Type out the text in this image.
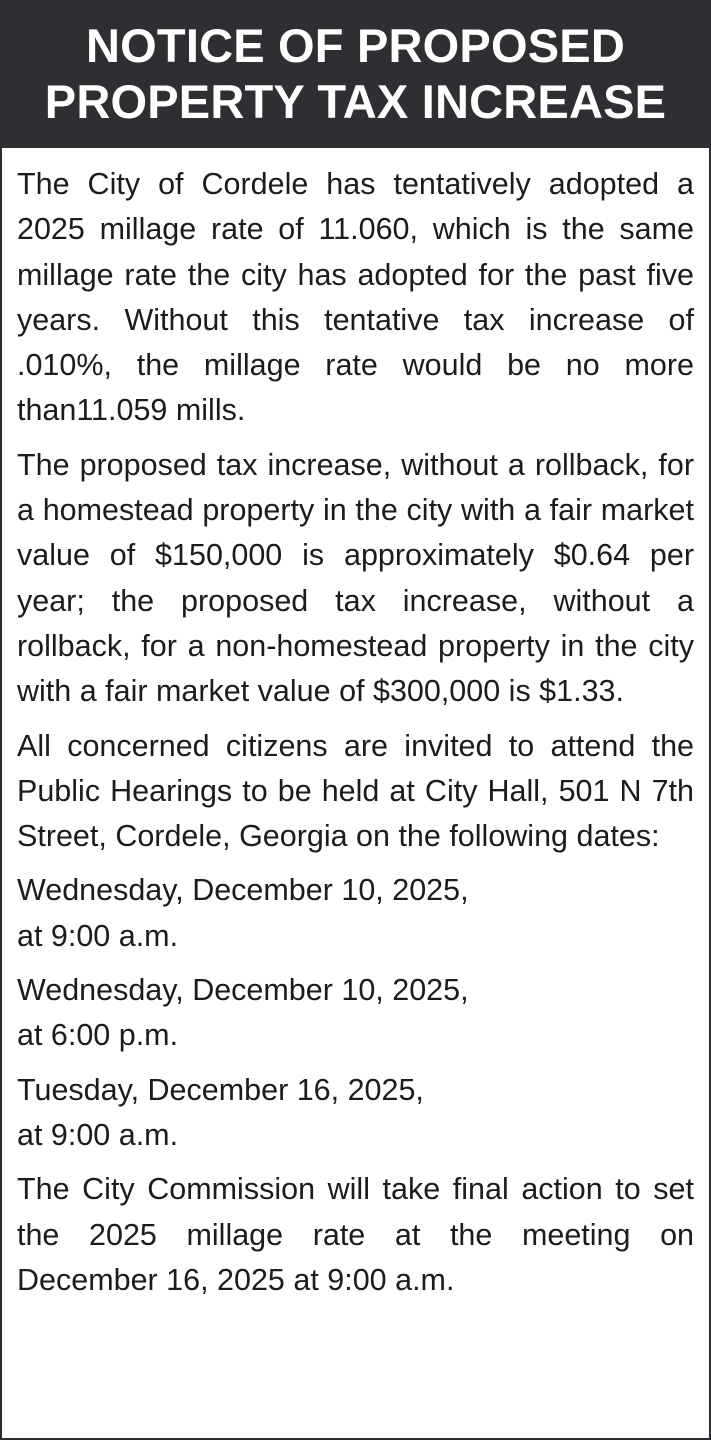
NOTICE OF PROPOSED
PROPERTY TAX INCREASE

The City of Cordele has tentatively adopted a 2025 millage rate of 11.060, which is the same millage rate the city has adopted for the past five years. Without this tentative tax increase of .010%, the millage rate would be no more than11.059 mills.

The proposed tax increase, without a rollback, for a homestead property in the city with a fair market value of $150,000 is approximately $0.64 per year; the proposed tax increase, without a rollback, for a non-homestead property in the city with a fair market value of $300,000 is $1.33.

All concerned citizens are invited to attend the Public Hearings to be held at City Hall, 501 N 7th Street, Cordele, Georgia on the following dates:

Wednesday, December 10, 2025,
at 9:00 a.m.
Wednesday, December 10, 2025,
at 6:00 p.m.
Tuesday, December 16, 2025,
at 9:00 a.m.

The City Commission will take final action to set the 2025 millage rate at the meeting on December 16, 2025 at 9:00 a.m.
